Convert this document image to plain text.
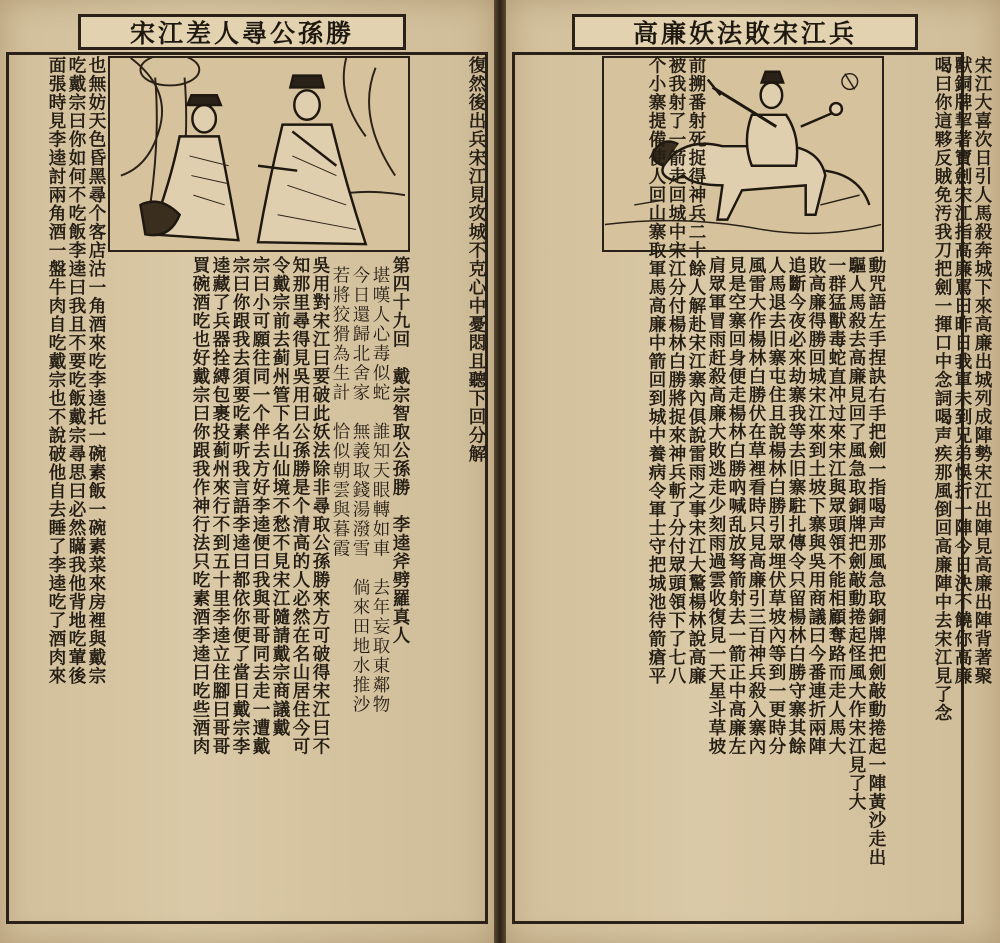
宋江差人尋公孫勝
復然後出兵宋江見攻城不克心中憂悶且聽下回分解
也無妨天色昏黑尋个客店沽一角酒來吃李逵托一碗素飯一碗素菜來房裡與戴宗
吃戴宗曰你如何不吃飯李逵曰我且不要吃飯戴宗尋思曰必然瞞我他背地吃葷後
面張時見李逵討兩角酒一盤牛肉自吃戴宗也不說破他自去睡了李逵吃了酒肉來	第四十九回　戴宗智取公孫勝　李逵斧劈羅真人
堪嘆人心毒似蛇　誰知天眼轉如車　去年妄取東鄰物
今日還歸北舍家　無義取錢湯潑雪　倘來田地水推沙
若將狡猾為生計　恰似朝雲與暮霞
吳用對宋江曰要破此妖法除非尋取公孫勝來方可破得宋江曰不
知那里尋得見吳用曰公孫勝是个清高的人必然在名山居住今可
令戴宗前去蓟州管下名山仙境不愁不見宋江隨請戴宗商議戴
宗曰小可願往同一个伴去方好李逵便曰我與哥哥同去走一遭戴
宗曰你跟我去須要吃素听我言語李逵曰都依你便了當日戴宗李
逵藏了兵器拴縛包裹投蓟州來行不到五十里李逵立住腳曰哥哥
買碗酒吃也好戴宗曰你跟我作神行法只吃素酒李逵曰吃些酒肉
高廉妖法敗宋江兵
宋江大喜次日引人馬殺奔城下來高廉出城列成陣勢宋江出陣見高廉出陣背著聚
獸銅牌挈著寶劍宋江指高廉罵曰昨日我軍未到兄弟悞折一陣今日決不饒你高廉
喝曰你這夥反賊免汚我刀把劍一揮口中念詞喝声疾那風倒回高廉陣中去宋江見了念
動咒語左手捏訣右手把劍一指喝声那風急取銅牌把劍敲動捲起一陣黃沙走出
驅人馬殺去高廉見回了風急取銅牌把劍敲動捲起怪風大作宋江見了大
一群猛獸毒蛇直冲过來宋江與眾頭領不能相顧奪路而走人馬大
敗高廉得勝回城宋江來到土坡下寨與吳用商議曰今番連折兩陣
追斷今夜必來劫寨我等去旧寨駐扎傳令只留楊林白勝守寨其餘
人馬退去旧寨屯住且說楊林白勝引眾埋伏草坡內等到一更時分
風雷大作楊林白勝伏在草裡看時只見高廉引三百神兵殺入寨內
見是空寨回身便走楊林白勝吶喊乱放弩箭射去一箭正中高廉左
肩眾軍冒雨赶殺高廉大敗逃走少刻雨過雲收復見一天星斗草坡
前搠番射死捉得神兵二十餘人解赴宋江寨內俱說雷雨之事宋江大驚楊林說高廉
被我射了一箭走回城中宋江分付楊林白勝將捉來神兵斬了分付眾頭領下了七八
个小寨提備使人回山寨取軍馬高廉中箭回到城中養病令軍士守把城池待箭瘡平
